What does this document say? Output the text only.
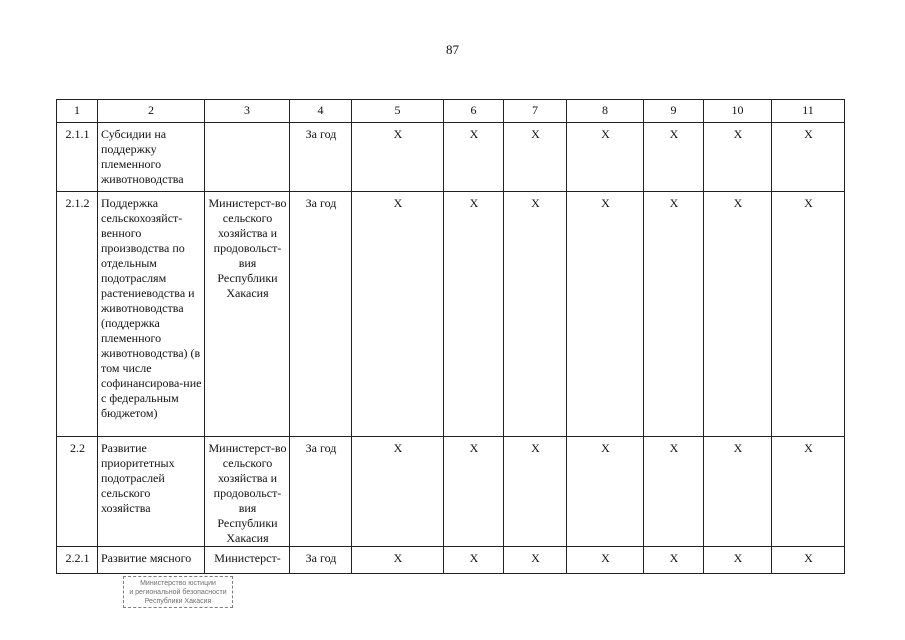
87
1	2	3	4	5	6	7	8	9	10	11
2.1.1	Субсидии на поддержку племенного животноводства		За год	X	X	X	X	X	X	X
2.1.2	Поддержка сельскохозяйст-венного производства по отдельным подотраслям растениеводства и животноводства (поддержка племенного животноводства) (в том числе софинансирова-ние с федеральным бюджетом)	Министерст-во сельского хозяйства и продовольст-вия Республики Хакасия	За год	X	X	X	X	X	X	X
2.2	Развитие приоритетных подотраслей сельского хозяйства	Министерст-во сельского хозяйства и продовольст-вия Республики Хакасия	За год	X	X	X	X	X	X	X
2.2.1	Развитие мясного	Министерст-	За год	X	X	X	X	X	X	X
Министерство юстиции
и региональной безопасности
Республики Хакасия
